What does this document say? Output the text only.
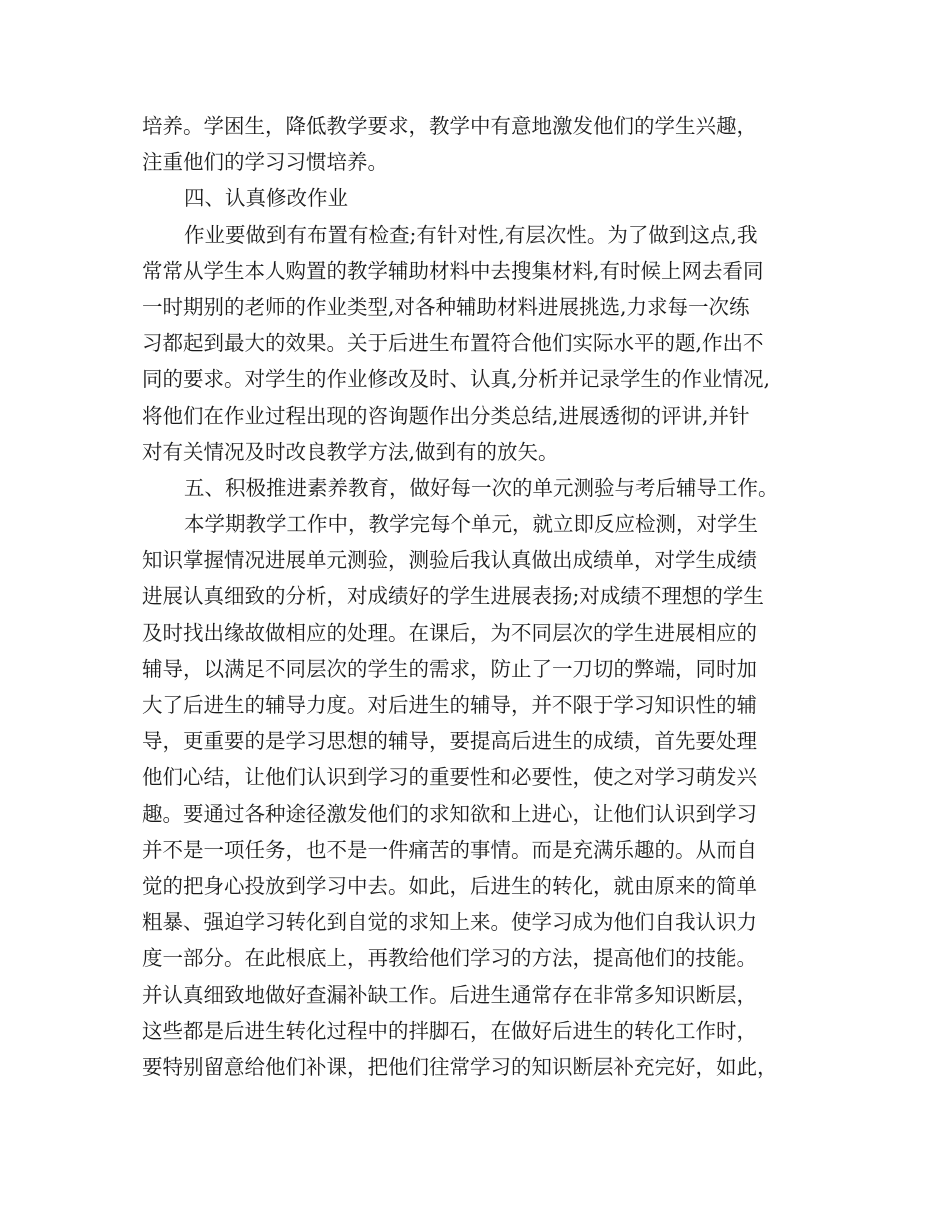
培养。学困生，降低教学要求，教学中有意地激发他们的学生兴趣，
注重他们的学习习惯培养。
四、认真修改作业
作业要做到有布置有检查;有针对性,有层次性。为了做到这点,我
常常从学生本人购置的教学辅助材料中去搜集材料,有时候上网去看同
一时期别的老师的作业类型,对各种辅助材料进展挑选,力求每一次练
习都起到最大的效果。关于后进生布置符合他们实际水平的题,作出不
同的要求。对学生的作业修改及时、认真,分析并记录学生的作业情况,
将他们在作业过程出现的咨询题作出分类总结,进展透彻的评讲,并针
对有关情况及时改良教学方法,做到有的放矢。
五、积极推进素养教育，做好每一次的单元测验与考后辅导工作。
本学期教学工作中，教学完每个单元，就立即反应检测，对学生
知识掌握情况进展单元测验，测验后我认真做出成绩单，对学生成绩
进展认真细致的分析，对成绩好的学生进展表扬;对成绩不理想的学生
及时找出缘故做相应的处理。在课后，为不同层次的学生进展相应的
辅导，以满足不同层次的学生的需求，防止了一刀切的弊端，同时加
大了后进生的辅导力度。对后进生的辅导，并不限于学习知识性的辅
导，更重要的是学习思想的辅导，要提高后进生的成绩，首先要处理
他们心结，让他们认识到学习的重要性和必要性，使之对学习萌发兴
趣。要通过各种途径激发他们的求知欲和上进心，让他们认识到学习
并不是一项任务，也不是一件痛苦的事情。而是充满乐趣的。从而自
觉的把身心投放到学习中去。如此，后进生的转化，就由原来的简单
粗暴、强迫学习转化到自觉的求知上来。使学习成为他们自我认识力
度一部分。在此根底上，再教给他们学习的方法，提高他们的技能。
并认真细致地做好查漏补缺工作。后进生通常存在非常多知识断层，
这些都是后进生转化过程中的拌脚石，在做好后进生的转化工作时，
要特别留意给他们补课，把他们往常学习的知识断层补充完好，如此，
